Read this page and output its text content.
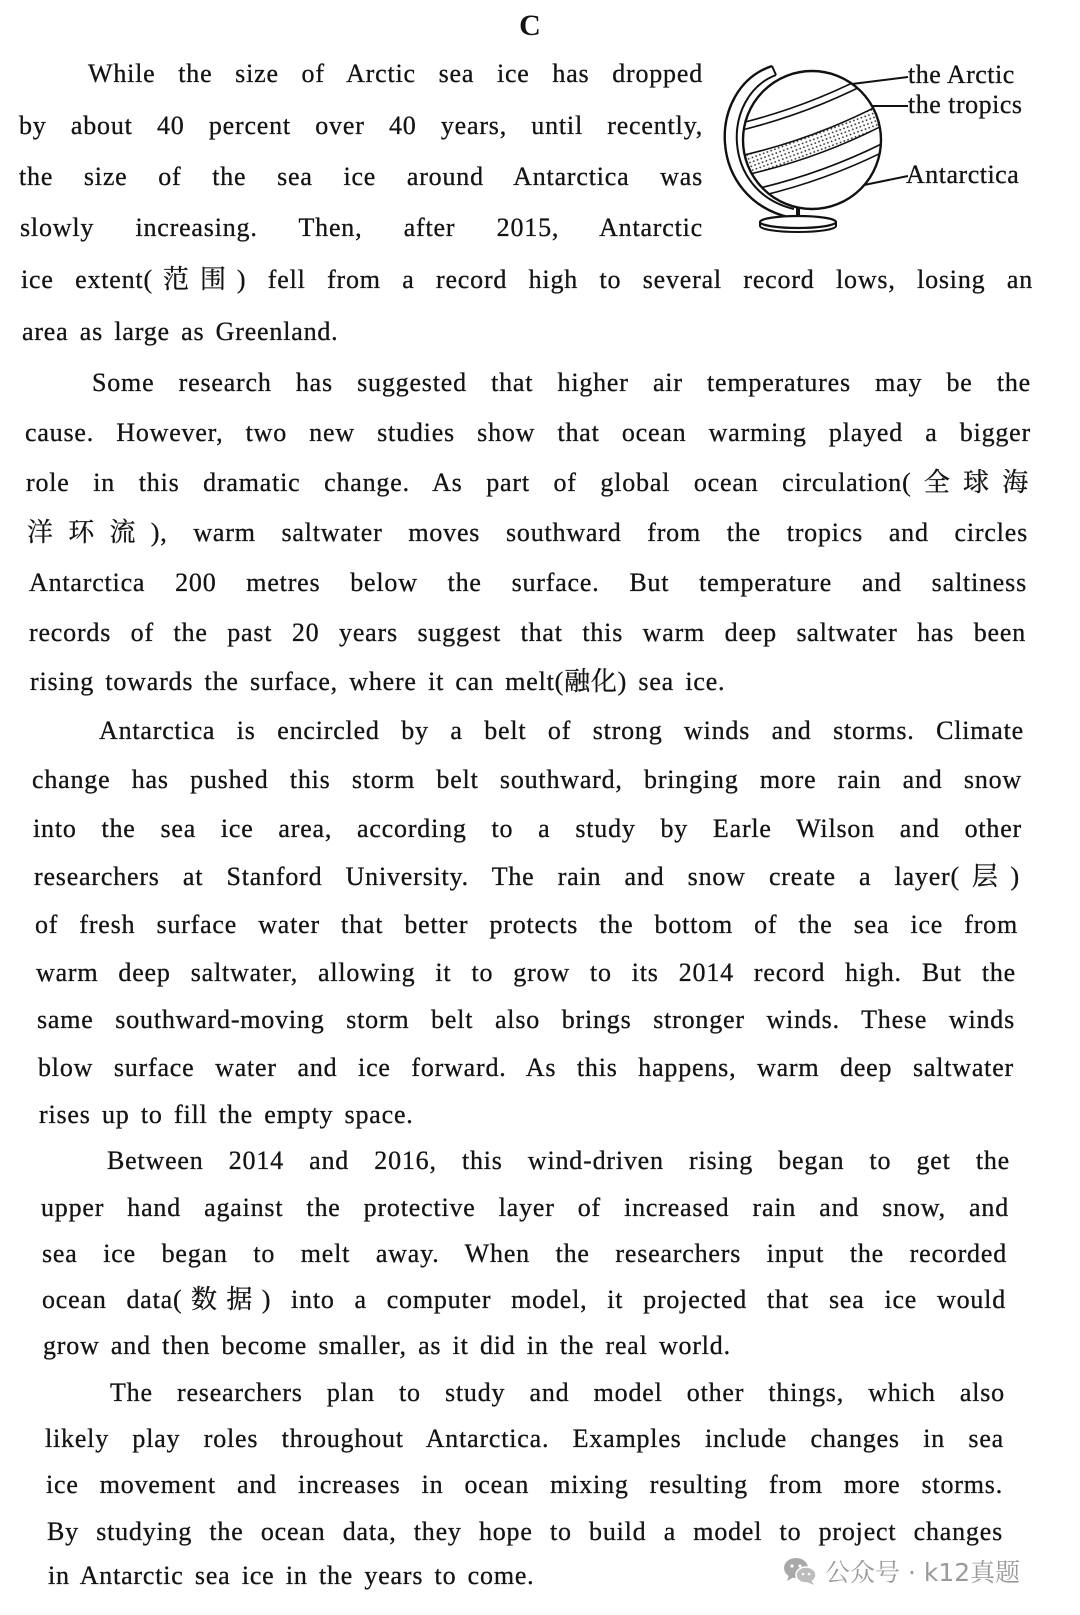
C
the Arctic
the tropics
Antarctica
While the size of Arctic sea ice has dropped
by about 40 percent over 40 years, until recently,
the size of the sea ice around Antarctica was
slowly increasing. Then, after 2015, Antarctic
ice extent(范围) fell from a record high to several record lows, losing an
area as large as Greenland.
Some research has suggested that higher air temperatures may be the
cause. However, two new studies show that ocean warming played a bigger
role in this dramatic change. As part of global ocean circulation(全球海
洋环流), warm saltwater moves southward from the tropics and circles
Antarctica 200 metres below the surface. But temperature and saltiness
records of the past 20 years suggest that this warm deep saltwater has been
rising towards the surface, where it can melt(融化) sea ice.
Antarctica is encircled by a belt of strong winds and storms. Climate
change has pushed this storm belt southward, bringing more rain and snow
into the sea ice area, according to a study by Earle Wilson and other
researchers at Stanford University. The rain and snow create a layer(层)
of fresh surface water that better protects the bottom of the sea ice from
warm deep saltwater, allowing it to grow to its 2014 record high. But the
same southward-moving storm belt also brings stronger winds. These winds
blow surface water and ice forward. As this happens, warm deep saltwater
rises up to fill the empty space.
Between 2014 and 2016, this wind-driven rising began to get the
upper hand against the protective layer of increased rain and snow, and
sea ice began to melt away. When the researchers input the recorded
ocean data(数据) into a computer model, it projected that sea ice would
grow and then become smaller, as it did in the real world.
The researchers plan to study and model other things, which also
likely play roles throughout Antarctica. Examples include changes in sea
ice movement and increases in ocean mixing resulting from more storms.
By studying the ocean data, they hope to build a model to project changes
in Antarctic sea ice in the years to come.	公众号 · k12真题
